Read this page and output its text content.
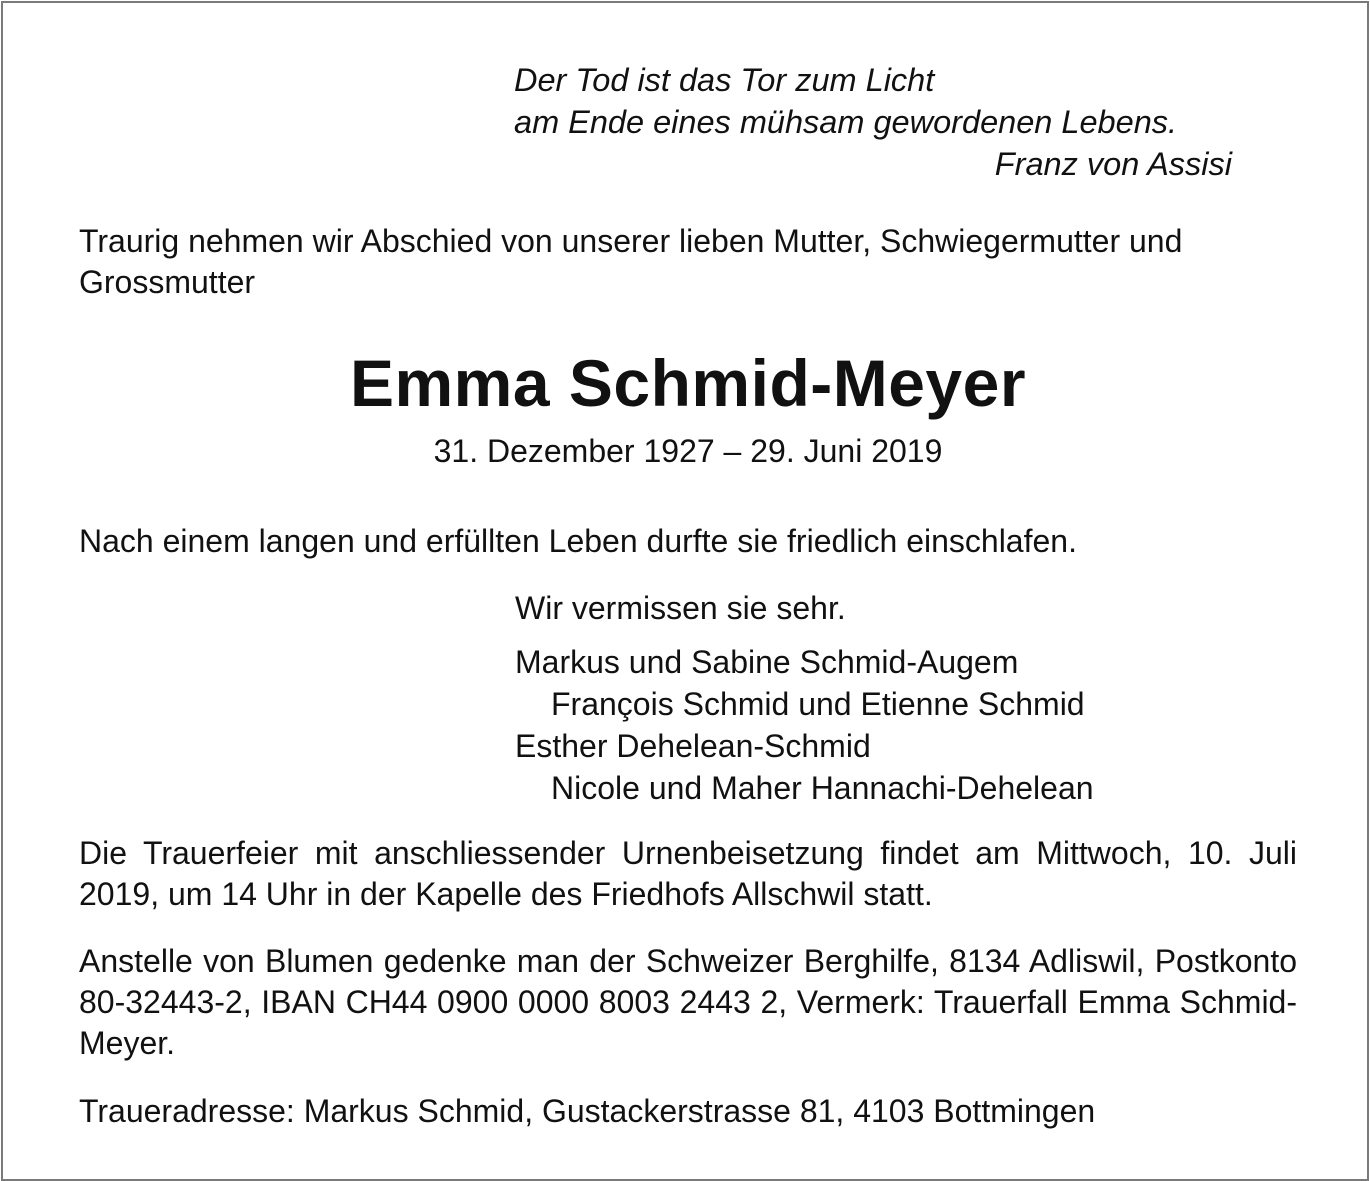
Der Tod ist das Tor zum Licht
am Ende eines mühsam gewordenen Lebens.
Franz von Assisi
Traurig nehmen wir Abschied von unserer lieben Mutter, Schwiegermutter und Grossmutter
Emma Schmid-Meyer
31. Dezember 1927 – 29. Juni 2019
Nach einem langen und erfüllten Leben durfte sie friedlich einschlafen.
Wir vermissen sie sehr.
Markus und Sabine Schmid-Augem
François Schmid und Etienne Schmid
Esther Dehelean-Schmid
Nicole und Maher Hannachi-Dehelean
Die Trauerfeier mit anschliessender Urnenbeisetzung findet am Mittwoch, 10. Juli 2019, um 14 Uhr in der Kapelle des Friedhofs Allschwil statt.
Anstelle von Blumen gedenke man der Schweizer Berghilfe, 8134 Adliswil, Postkonto 80-32443-2, IBAN CH44 0900 0000 8003 2443 2, Vermerk: Trauerfall Emma Schmid-Meyer.
Traueradresse: Markus Schmid, Gustackerstrasse 81, 4103 Bottmingen
